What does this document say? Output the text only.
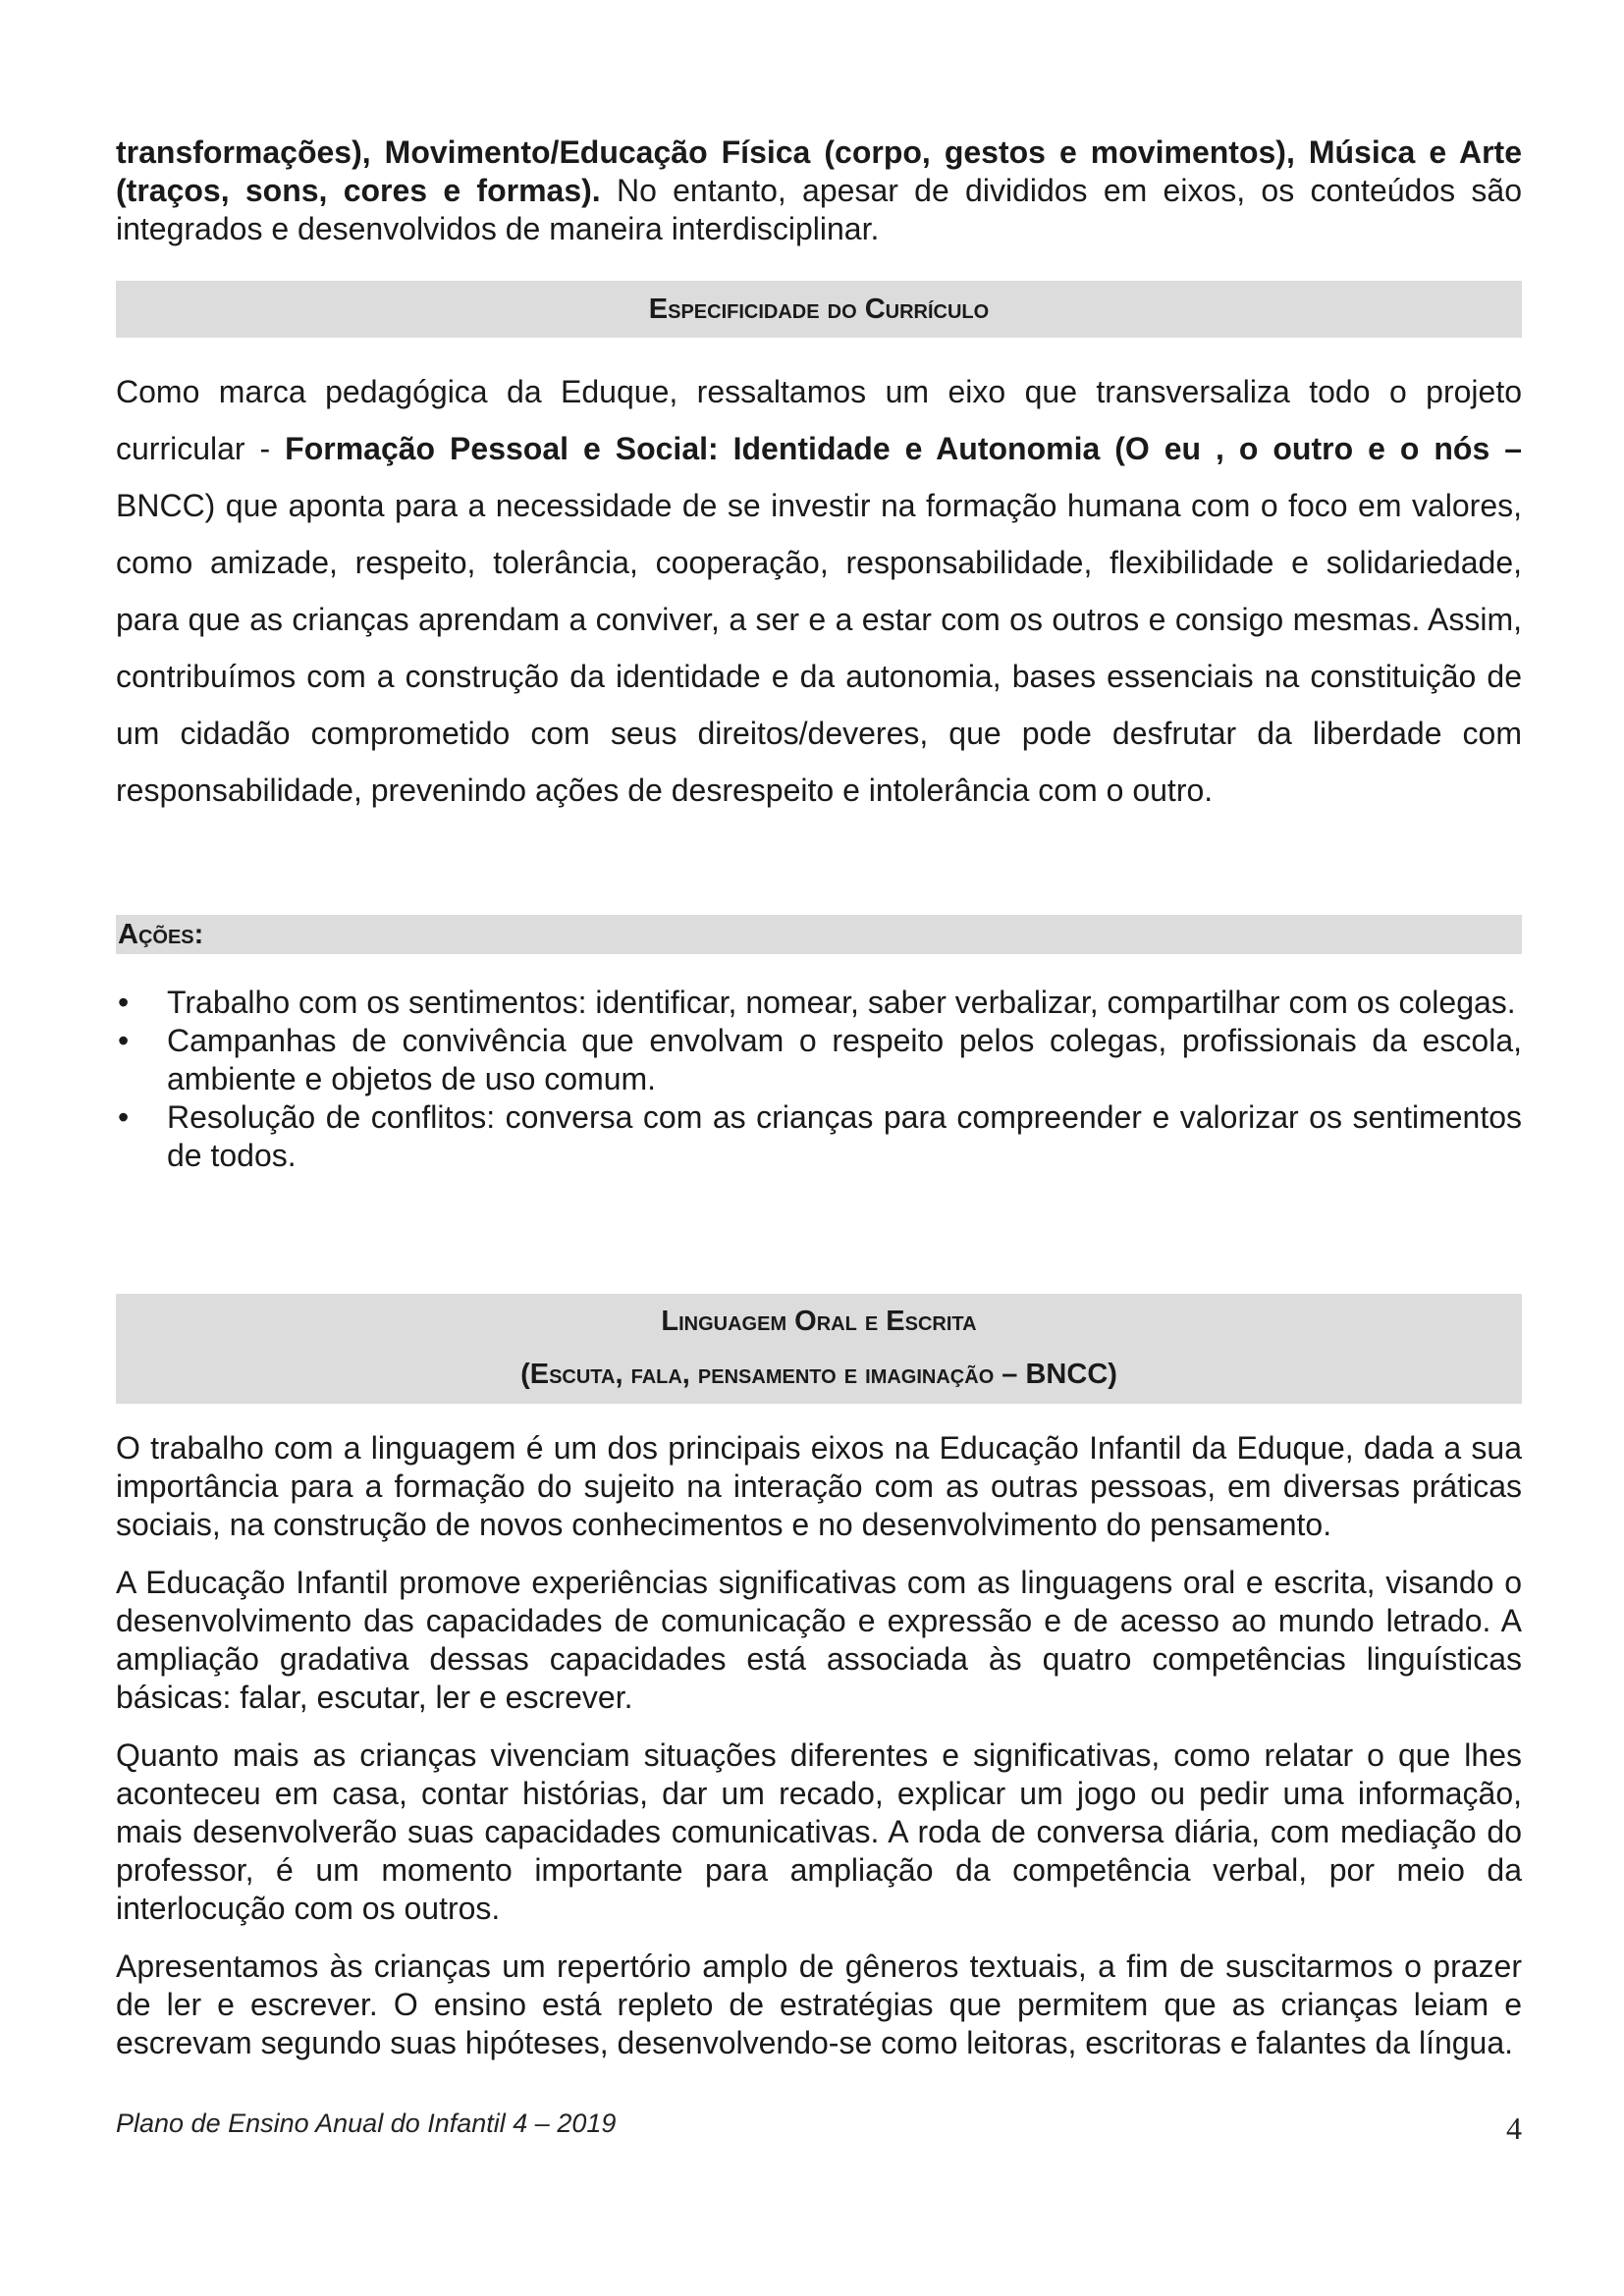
transformações), Movimento/Educação Física (corpo, gestos e movimentos), Música e Arte (traços, sons, cores e formas). No entanto, apesar de divididos em eixos, os conteúdos são integrados e desenvolvidos de maneira interdisciplinar.

Especificidade do Currículo

Como marca pedagógica da Eduque, ressaltamos um eixo que transversaliza todo o projeto curricular - Formação Pessoal e Social: Identidade e Autonomia (O eu , o outro e o nós – BNCC) que aponta para a necessidade de se investir na formação humana com o foco em valores, como amizade, respeito, tolerância, cooperação, responsabilidade, flexibilidade e solidariedade, para que as crianças aprendam a conviver, a ser e a estar com os outros e consigo mesmas. Assim, contribuímos com a construção da identidade e da autonomia, bases essenciais na constituição de um cidadão comprometido com seus direitos/deveres, que pode desfrutar da liberdade com responsabilidade, prevenindo ações de desrespeito e intolerância com o outro.

Ações:
• Trabalho com os sentimentos: identificar, nomear, saber verbalizar, compartilhar com os colegas.
• Campanhas de convivência que envolvam o respeito pelos colegas, profissionais da escola, ambiente e objetos de uso comum.
• Resolução de conflitos: conversa com as crianças para compreender e valorizar os sentimentos de todos.
Linguagem Oral e Escrita
(Escuta, fala, pensamento e imaginação – BNCC)

O trabalho com a linguagem é um dos principais eixos na Educação Infantil da Eduque, dada a sua importância para a formação do sujeito na interação com as outras pessoas, em diversas práticas sociais, na construção de novos conhecimentos e no desenvolvimento do pensamento.

A Educação Infantil promove experiências significativas com as linguagens oral e escrita, visando o desenvolvimento das capacidades de comunicação e expressão e de acesso ao mundo letrado. A ampliação gradativa dessas capacidades está associada às quatro competências linguísticas básicas: falar, escutar, ler e escrever.

Quanto mais as crianças vivenciam situações diferentes e significativas, como relatar o que lhes aconteceu em casa, contar histórias, dar um recado, explicar um jogo ou pedir uma informação, mais desenvolverão suas capacidades comunicativas. A roda de conversa diária, com mediação do professor, é um momento importante para ampliação da competência verbal, por meio da interlocução com os outros.

Apresentamos às crianças um repertório amplo de gêneros textuais, a fim de suscitarmos o prazer de ler e escrever. O ensino está repleto de estratégias que permitem que as crianças leiam e escrevam segundo suas hipóteses, desenvolvendo-se como leitoras, escritoras e falantes da língua.

Plano de Ensino Anual do Infantil 4 – 2019	4
